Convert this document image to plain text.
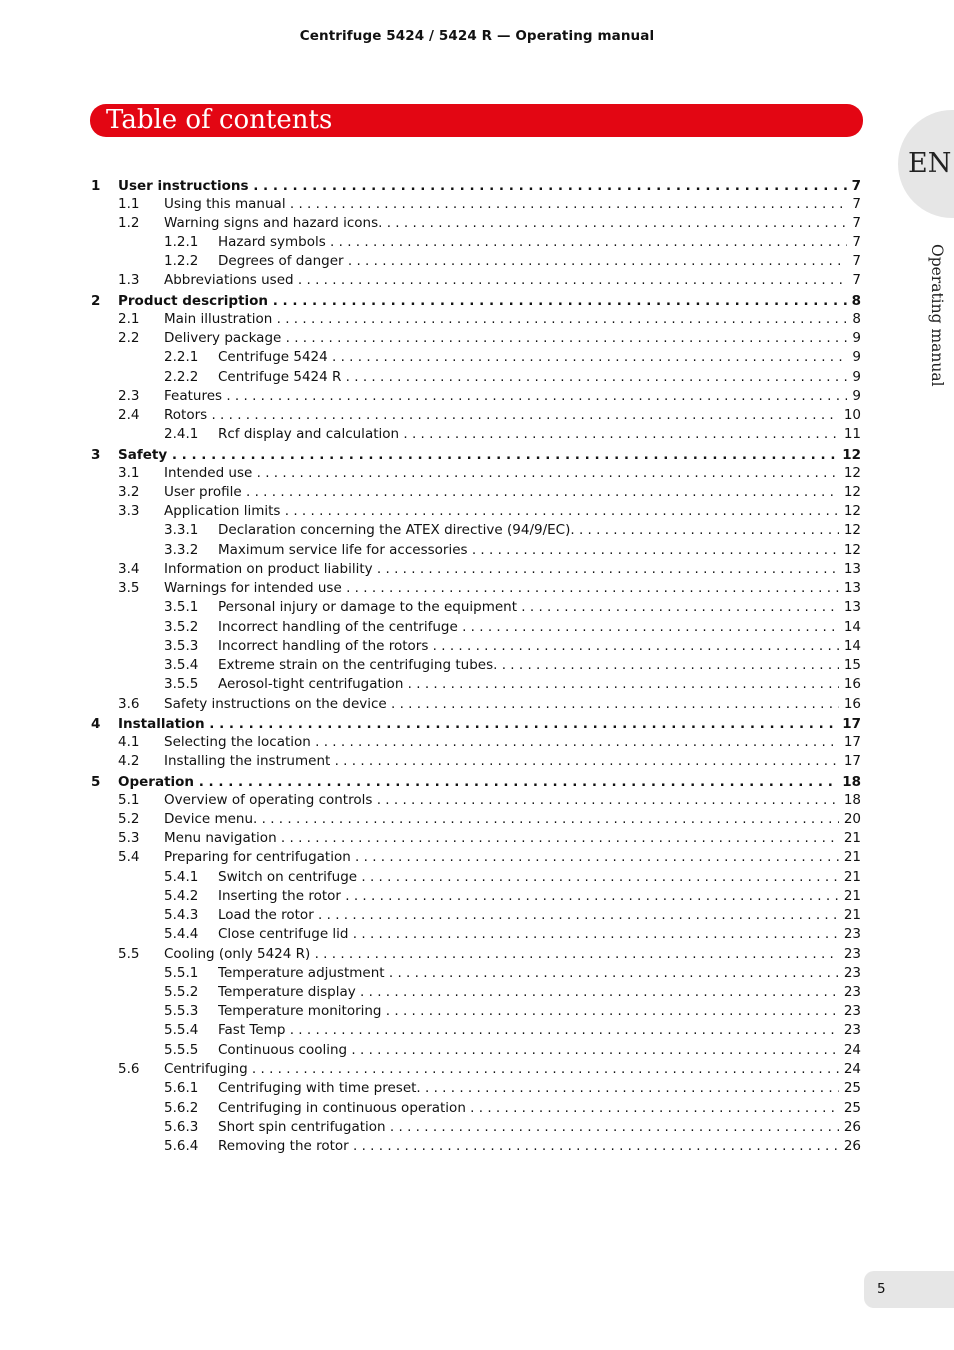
Centrifuge 5424 / 5424 R — Operating manual
Table of contents
EN
Operating manual
1 User instructions . . .	7
1.1 Using this manual . . .	7
1.2 Warning signs and hazard icons. . . .	7
1.2.1 Hazard symbols . . .	7
1.2.2 Degrees of danger . . .	7
1.3 Abbreviations used . . .	7
2 Product description . . .	8
2.1 Main illustration . . .	8
2.2 Delivery package . . .	9
2.2.1 Centrifuge 5424 . . .	9
2.2.2 Centrifuge 5424 R . . .	9
2.3 Features . . .	9
2.4 Rotors . . .	10
2.4.1 Rcf display and calculation . . .	11
3 Safety . . .	12
3.1 Intended use . . .	12
3.2 User profile . . .	12
3.3 Application limits . . .	12
3.3.1 Declaration concerning the ATEX directive (94/9/EC). . . .	12
3.3.2 Maximum service life for accessories . . .	12
3.4 Information on product liability . . .	13
3.5 Warnings for intended use . . .	13
3.5.1 Personal injury or damage to the equipment . . .	13
3.5.2 Incorrect handling of the centrifuge . . .	14
3.5.3 Incorrect handling of the rotors . . .	14
3.5.4 Extreme strain on the centrifuging tubes. . . .	15
3.5.5 Aerosol-tight centrifugation . . .	16
3.6 Safety instructions on the device . . .	16
4 Installation . . .	17
4.1 Selecting the location . . .	17
4.2 Installing the instrument . . .	17
5 Operation . . .	18
5.1 Overview of operating controls . . .	18
5.2 Device menu. . . .	20
5.3 Menu navigation . . .	21
5.4 Preparing for centrifugation . . .	21
5.4.1 Switch on centrifuge . . .	21
5.4.2 Inserting the rotor . . .	21
5.4.3 Load the rotor . . .	21
5.4.4 Close centrifuge lid . . .	23
5.5 Cooling (only 5424 R) . . .	23
5.5.1 Temperature adjustment . . .	23
5.5.2 Temperature display . . .	23
5.5.3 Temperature monitoring . . .	23
5.5.4 Fast Temp . . .	23
5.5.5 Continuous cooling . . .	24
5.6 Centrifuging . . .	24
5.6.1 Centrifuging with time preset. . . .	25
5.6.2 Centrifuging in continuous operation . . .	25
5.6.3 Short spin centrifugation . . .	26
5.6.4 Removing the rotor . . .	26
5
